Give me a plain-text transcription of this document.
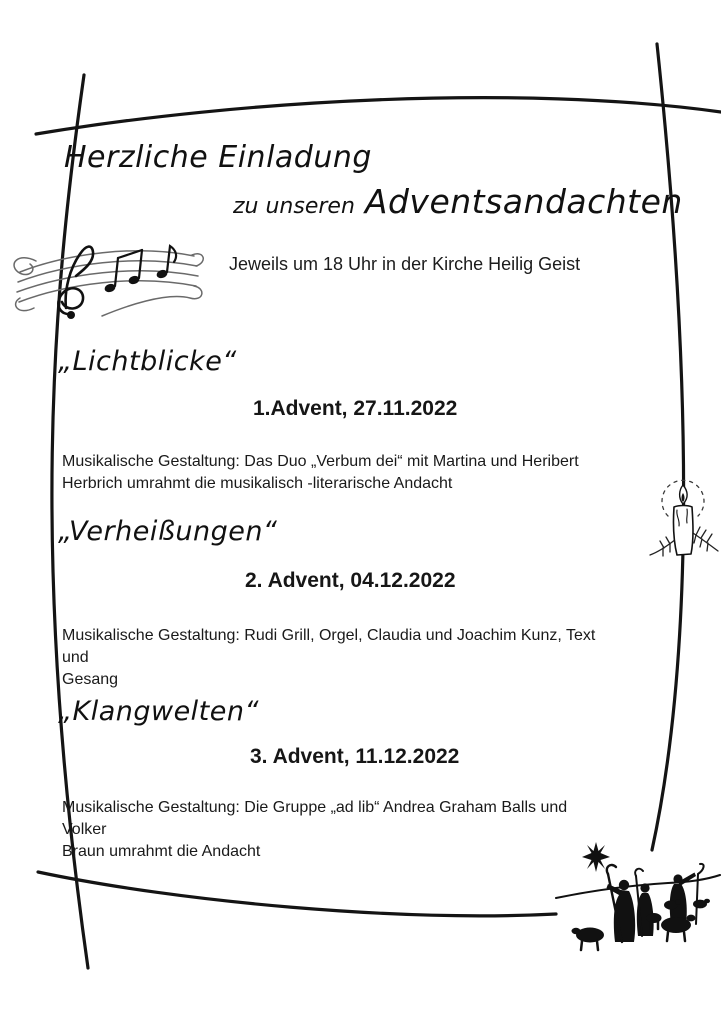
Herzliche Einladung
zu unseren Adventsandachten
Jeweils um 18 Uhr in der Kirche Heilig Geist
„Lichtblicke“
1.Advent, 27.11.2022
Musikalische Gestaltung: Das Duo „Verbum dei“ mit Martina und Heribert
Herbrich umrahmt die musikalisch -literarische Andacht
„Verheißungen“
2. Advent, 04.12.2022
Musikalische Gestaltung: Rudi Grill, Orgel, Claudia und Joachim Kunz, Text und
Gesang
„Klangwelten“
3. Advent, 11.12.2022
Musikalische Gestaltung: Die Gruppe „ad lib“ Andrea Graham Balls und Volker
Braun umrahmt die Andacht
